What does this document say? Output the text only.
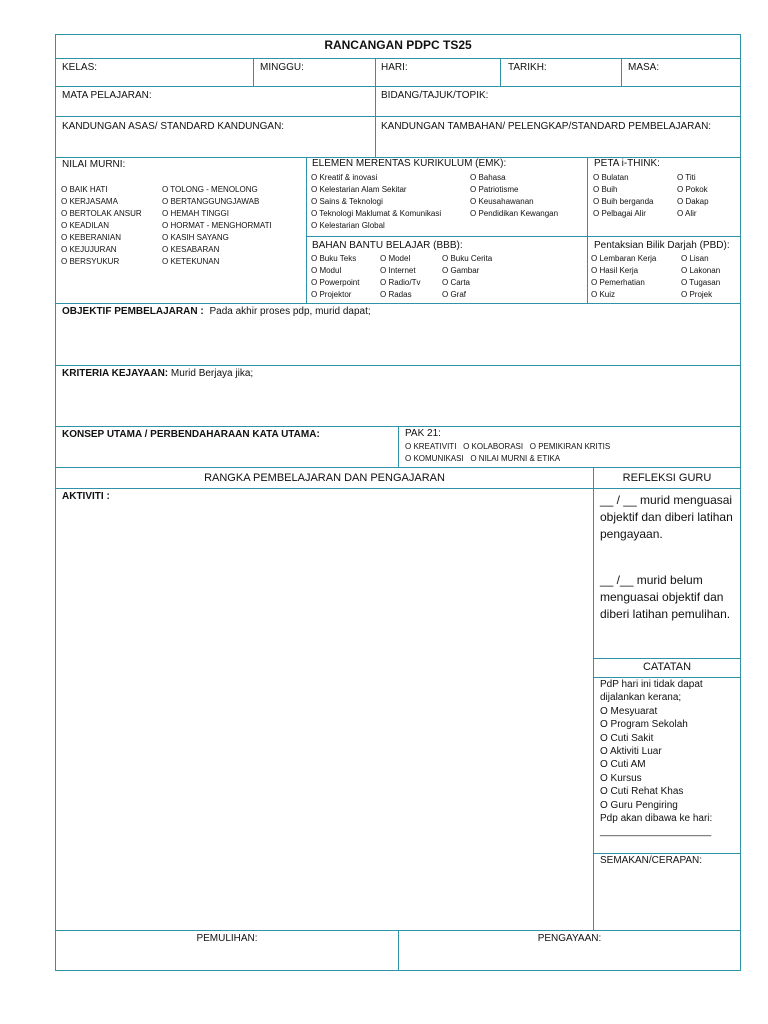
RANCANGAN PDPC TS25
KELAS:	MINGGU:	HARI:	TARIKH:	MASA:
MATA PELAJARAN:	BIDANG/TAJUK/TOPIK:
KANDUNGAN ASAS/ STANDARD KANDUNGAN:	KANDUNGAN TAMBAHAN/ PELENGKAP/STANDARD PEMBELAJARAN:
NILAI MURNI:
O BAIK HATI
O KERJASAMA
O BERTOLAK ANSUR
O KEADILAN
O KEBERANIAN
O KEJUJURAN
O BERSYUKUR
O TOLONG - MENOLONG
O BERTANGGUNGJAWAB
O HEMAH TINGGI
O HORMAT - MENGHORMATI
O KASIH SAYANG
O KESABARAN
O KETEKUNAN
ELEMEN MERENTAS KURIKULUM (EMK):
O Kreatif & inovasi
O Kelestarian Alam Sekitar
O Sains & Teknologi
O Teknologi Maklumat & Komunikasi
O Kelestarian Global
O Bahasa
O Patriotisme
O Keusahawanan
O Pendidikan Kewangan
PETA i-THINK:
O Bulatan
O Buih
O Buih berganda
O Pelbagai Alir
O Titi
O Pokok
O Dakap
O Alir
BAHAN BANTU BELAJAR (BBB):
O Buku Teks
O Modul
O Powerpoint
O Projektor
O Model
O Internet
O Radio/Tv
O Radas
O Buku Cerita
O Gambar
O Carta
O Graf
Pentaksian Bilik Darjah (PBD):
O Lembaran Kerja
O Hasil Kerja
O Pemerhatian
O Kuiz
O Lisan
O Lakonan
O Tugasan
O Projek
OBJEKTIF PEMBELAJARAN : Pada akhir proses pdp, murid dapat;
KRITERIA KEJAYAAN: Murid Berjaya jika;
KONSEP UTAMA / PERBENDAHARAAN KATA UTAMA:	PAK 21:
O KREATIVITI   O KOLABORASI   O PEMIKIRAN KRITIS
O KOMUNIKASI   O NILAI MURNI & ETIKA
RANGKA PEMBELAJARAN DAN PENGAJARAN
AKTIVITI :
REFLEKSI GURU
__ / __ murid menguasai objektif dan diberi latihan pengayaan.
__ /__ murid belum menguasai objektif dan diberi latihan pemulihan.
CATATAN
PdP hari ini tidak dapat
dijalankan kerana;
O Mesyuarat
O Program Sekolah
O Cuti Sakit
O Aktiviti Luar
O Cuti AM
O Kursus
O Cuti Rehat Khas
O Guru Pengiring
Pdp akan dibawa ke hari:
____________________
SEMAKAN/CERAPAN:
PEMULIHAN:	PENGAYAAN:
